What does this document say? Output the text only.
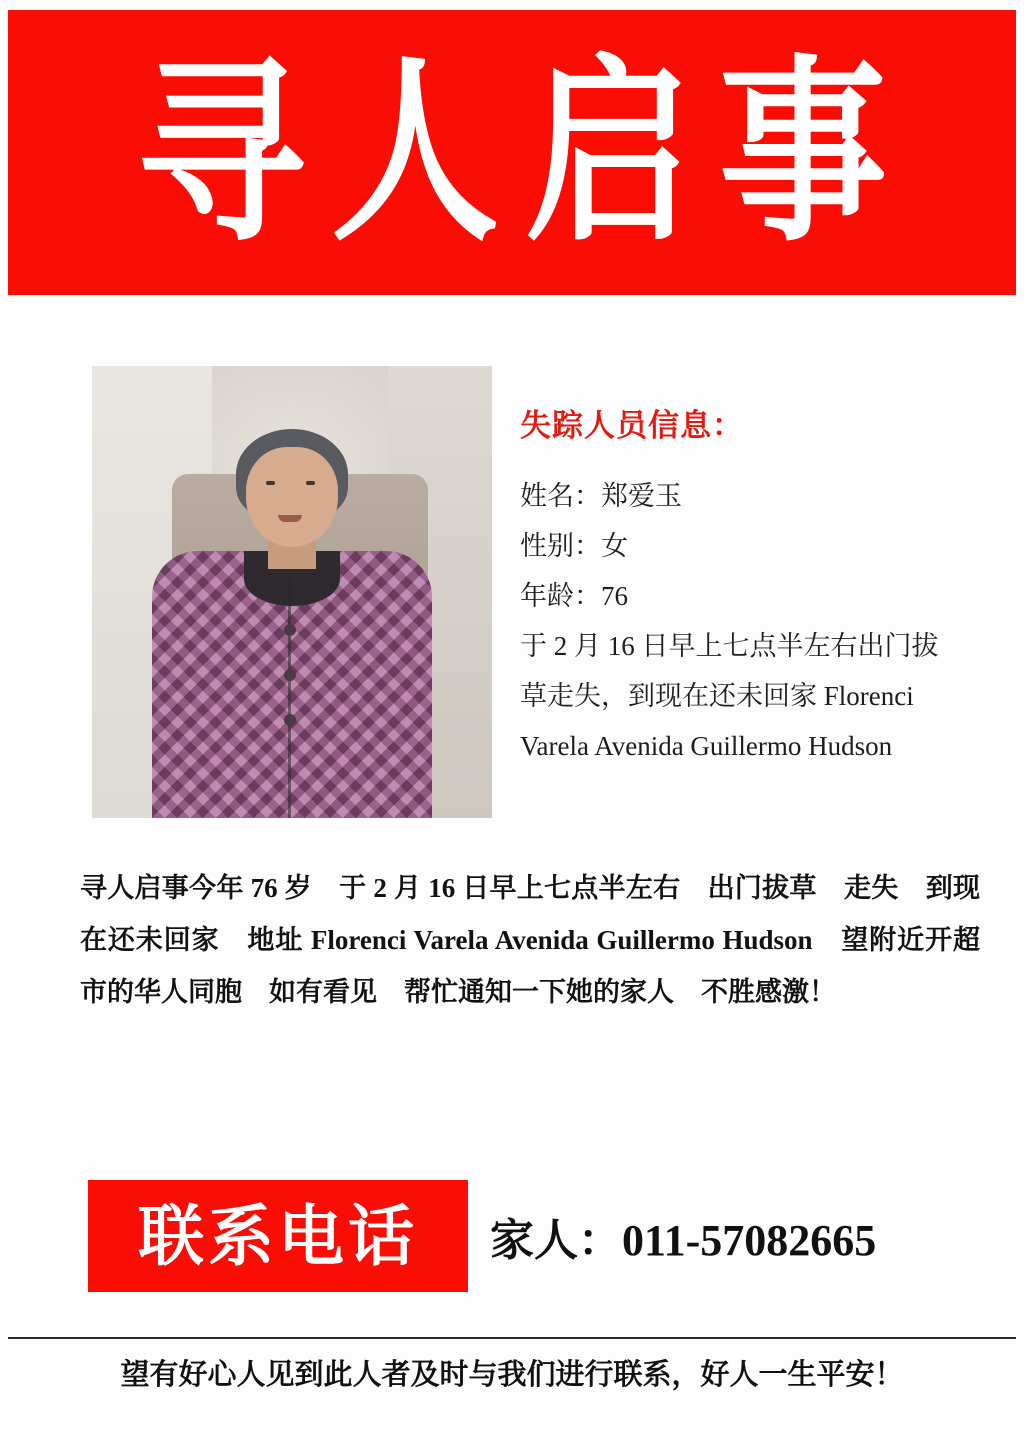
寻人启事
失踪人员信息：
姓名：郑爱玉
性别：女
年龄：76
于 2 月 16 日早上七点半左右出门拔草走失，到现在还未回家 Florenci Varela Avenida Guillermo Hudson
寻人启事今年 76 岁　于 2 月 16 日早上七点半左右　出门拔草　走失　到现在还未回家　地址 Florenci Varela Avenida Guillermo Hudson　望附近开超市的华人同胞　如有看见　帮忙通知一下她的家人　不胜感激！
联系电话	家人：011-57082665
望有好心人见到此人者及时与我们进行联系，好人一生平安！
